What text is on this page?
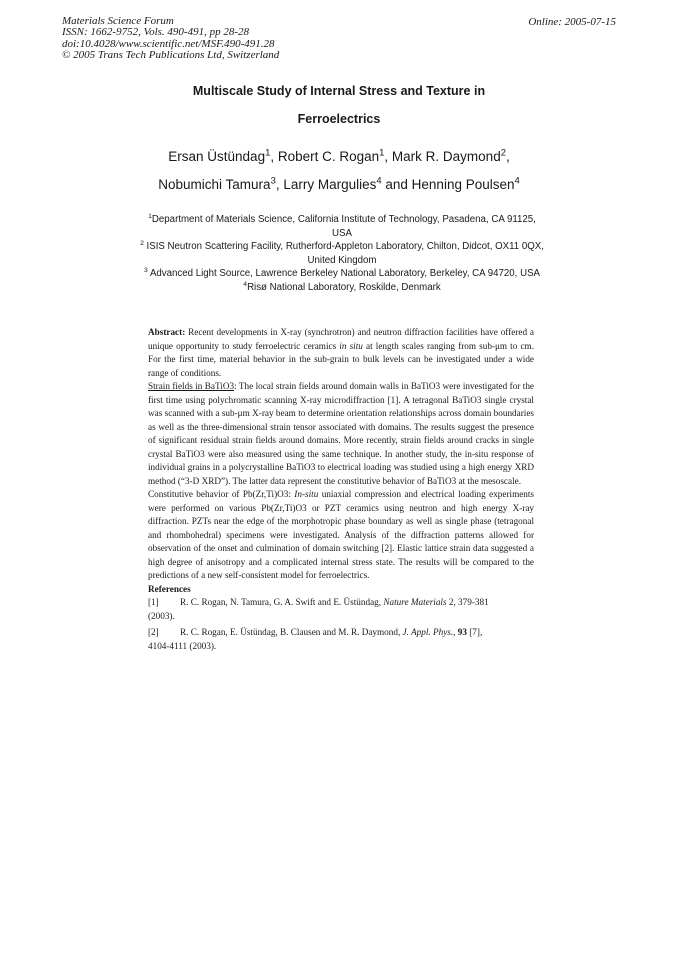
Materials Science Forum
ISSN: 1662-9752, Vols. 490-491, pp 28-28
doi:10.4028/www.scientific.net/MSF.490-491.28
© 2005 Trans Tech Publications Ltd, Switzerland
Online: 2005-07-15
Multiscale Study of Internal Stress and Texture in
Ferroelectrics
Ersan Üstündag$^1$, Robert C. Rogan$^1$, Mark R. Daymond$^2$,
Nobumichi Tamura$^3$, Larry Margulies$^4$ and Henning Poulsen$^4$

$^1$Department of Materials Science, California Institute of Technology, Pasadena, CA 91125, USA

$^2$ ISIS Neutron Scattering Facility, Rutherford-Appleton Laboratory, Chilton, Didcot, OX11 0QX, United Kingdom

$^3$ Advanced Light Source, Lawrence Berkeley National Laboratory, Berkeley, CA 94720, USA

$^4$Risø National Laboratory, Roskilde, Denmark

Abstract: Recent developments in X-ray (synchrotron) and neutron diffraction facilities have offered a unique opportunity to study ferroelectric ceramics in situ at length scales ranging from sub-μm to cm. For the first time, material behavior in the sub-grain to bulk levels can be investigated under a wide range of conditions.

Strain fields in BaTiO3: The local strain fields around domain walls in BaTiO3 were investigated for the first time using polychromatic scanning X-ray microdiffraction [1]. A tetragonal BaTiO3 single crystal was scanned with a sub-μm X-ray beam to determine orientation relationships across domain boundaries as well as the three-dimensional strain tensor associated with domains. The results suggest the presence of significant residual strain fields around domains. More recently, strain fields around cracks in single crystal BaTiO3 were also measured using the same technique. In another study, the in-situ response of individual grains in a polycrystalline BaTiO3 to electrical loading was studied using a high energy XRD method (“3-D XRD”). The latter data represent the constitutive behavior of BaTiO3 at the mesoscale.

Constitutive behavior of Pb(Zr,Ti)O3: In-situ uniaxial compression and electrical loading experiments were performed on various Pb(Zr,Ti)O3 or PZT ceramics using neutron and high energy X-ray diffraction. PZTs near the edge of the morphotropic phase boundary as well as single phase (tetragonal and rhombohedral) specimens were investigated. Analysis of the diffraction patterns allowed for observation of the onset and culmination of domain switching [2]. Elastic lattice strain data suggested a high degree of anisotropy and a complicated internal stress state. The results will be compared to the predictions of a new self-consistent model for ferroelectrics.

References

[1]	R. C. Rogan, N. Tamura, G. A. Swift and E. Üstündag, Nature Materials 2, 379-381
(2003).
[2]	R. C. Rogan, E. Üstündag, B. Clausen and M. R. Daymond, J. Appl. Phys., 93 [7],
4104-4111 (2003).
